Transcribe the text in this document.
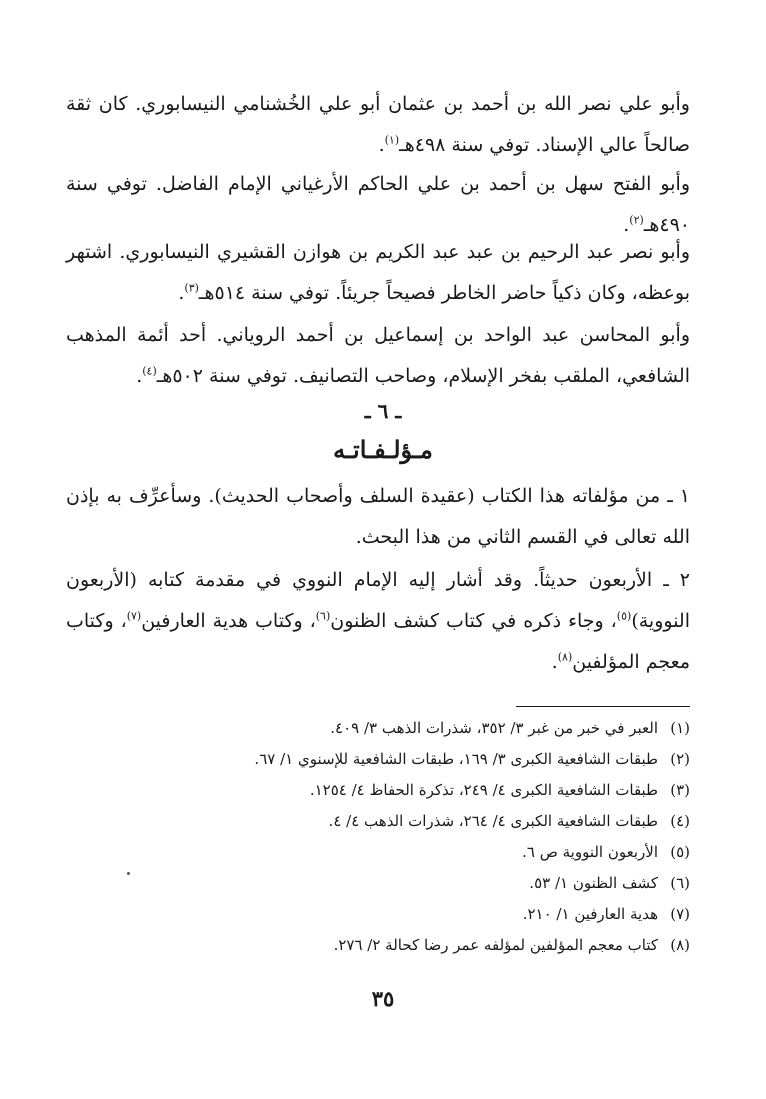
وأبو علي نصر الله بن أحمد بن عثمان أبو علي الخُشنامي النيسابوري. كان ثقة صالحاً عالي الإسناد. توفي سنة ٤٩٨هـ$^{(١)}$.

وأبو الفتح سهل بن أحمد بن علي الحاكم الأرغياني الإمام الفاضل. توفي سنة ٤٩٠هـ$^{(٢)}$.

وأبو نصر عبد الرحيم بن عبد عبد الكريم بن هوازن القشيري النيسابوري. اشتهر بوعظه، وكان ذكياً حاضر الخاطر فصيحاً جريئاً. توفي سنة ٥١٤هـ$^{(٣)}$.

وأبو المحاسن عبد الواحد بن إسماعيل بن أحمد الروياني. أحد أئمة المذهب الشافعي، الملقب بفخر الإسلام، وصاحب التصانيف. توفي سنة ٥٠٢هـ$^{(٤)}$.

ـ ٦ ـ
مـؤلـفـاتـه

١ ـ من مؤلفاته هذا الكتاب (عقيدة السلف وأصحاب الحديث). وسأعرِّف به بإذن الله تعالى في القسم الثاني من هذا البحث.

٢ ـ الأربعون حديثاً. وقد أشار إليه الإمام النووي في مقدمة كتابه (الأربعون النووية)$^{(٥)}$، وجاء ذكره في كتاب كشف الظنون$^{(٦)}$، وكتاب هدية العارفين$^{(٧)}$، وكتاب معجم المؤلفين$^{(٨)}$.

(١)العبر في خبر من غبر ٣/ ٣٥٢، شذرات الذهب ٣/ ٤٠٩.
(٢)طبقات الشافعية الكبرى ٣/ ١٦٩، طبقات الشافعية للإسنوي ١/ ٦٧.
(٣)طبقات الشافعية الكبرى ٤/ ٢٤٩، تذكرة الحفاظ ٤/ ١٢٥٤.
(٤)طبقات الشافعية الكبرى ٤/ ٢٦٤، شذرات الذهب ٤/ ٤.
(٥)الأربعون النووية ص ٦.
(٦)كشف الظنون ١/ ٥٣.
(٧)هدية العارفين ١/ ٢١٠.
(٨)كتاب معجم المؤلفين لمؤلفه عمر رضا كحالة ٢/ ٢٧٦.
٣٥
